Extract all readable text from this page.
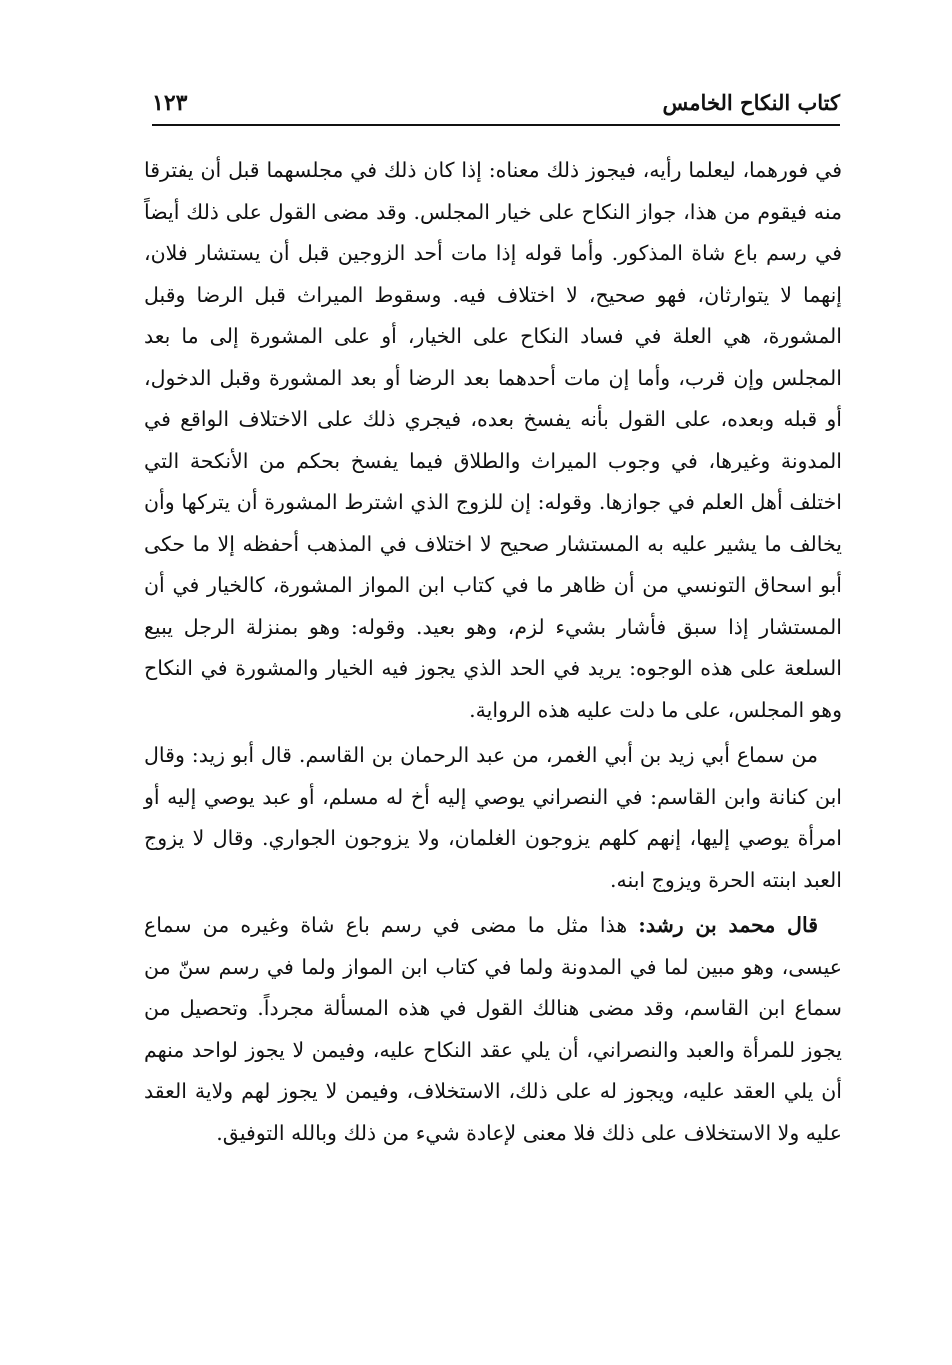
كتاب النكاح الخامس
١٢٣

في فورهما، ليعلما رأيه، فيجوز ذلك معناه: إذا كان ذلك في مجلسهما قبل أن يفترقا منه فيقوم من هذا، جواز النكاح على خيار المجلس. وقد مضى القول على ذلك أيضاً في رسم باع شاة المذكور. وأما قوله إذا مات أحد الزوجين قبل أن يستشار فلان، إنهما لا يتوارثان، فهو صحيح، لا اختلاف فيه. وسقوط الميراث قبل الرضا وقبل المشورة، هي العلة في فساد النكاح على الخيار، أو على المشورة إلى ما بعد المجلس وإن قرب، وأما إن مات أحدهما بعد الرضا أو بعد المشورة وقبل الدخول، أو قبله وبعده، على القول بأنه يفسخ بعده، فيجري ذلك على الاختلاف الواقع في المدونة وغيرها، في وجوب الميراث والطلاق فيما يفسخ بحكم من الأنكحة التي اختلف أهل العلم في جوازها. وقوله: إن للزوج الذي اشترط المشورة أن يتركها وأن يخالف ما يشير عليه به المستشار صحيح لا اختلاف في المذهب أحفظه إلا ما حكى أبو اسحاق التونسي من أن ظاهر ما في كتاب ابن المواز المشورة، كالخيار في أن المستشار إذا سبق فأشار بشيء لزم، وهو بعيد. وقوله: وهو بمنزلة الرجل يبيع السلعة على هذه الوجوه: يريد في الحد الذي يجوز فيه الخيار والمشورة في النكاح وهو المجلس، على ما دلت عليه هذه الرواية.

من سماع أبي زيد بن أبي الغمر، من عبد الرحمان بن القاسم. قال أبو زيد: وقال ابن كنانة وابن القاسم: في النصراني يوصي إليه أخ له مسلم، أو عبد يوصي إليه أو امرأة يوصي إليها، إنهم كلهم يزوجون الغلمان، ولا يزوجون الجواري. وقال لا يزوج العبد ابنته الحرة ويزوج ابنه.

قال محمد بن رشد: هذا مثل ما مضى في رسم باع شاة وغيره من سماع عيسى، وهو مبين لما في المدونة ولما في كتاب ابن المواز ولما في رسم سنّ من سماع ابن القاسم، وقد مضى هنالك القول في هذه المسألة مجرداً. وتحصيل من يجوز للمرأة والعبد والنصراني، أن يلي عقد النكاح عليه، وفيمن لا يجوز لواحد منهم أن يلي العقد عليه، ويجوز له على ذلك، الاستخلاف، وفيمن لا يجوز لهم ولاية العقد عليه ولا الاستخلاف على ذلك فلا معنى لإعادة شيء من ذلك وبالله التوفيق.
